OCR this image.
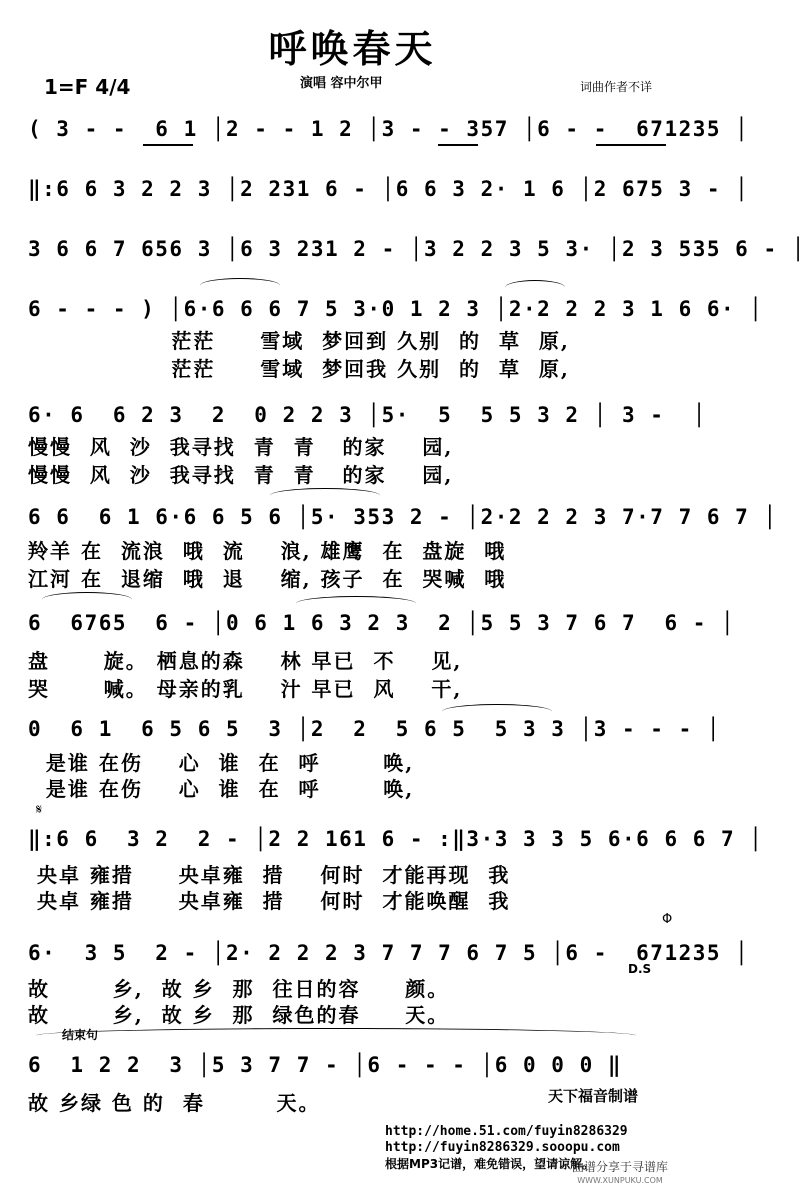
呼唤春天
1=F 4/4	演唱 容中尔甲	词曲作者不详
( 3 - -  6 1 │2 - - 1 2 │3 - - 357 │6 - -  671235 │
‖:6 6 3 2 2 3 │2 231 6 - │6 6 3 2· 1 6 │2 675 3 - │
3 6 6 7 656 3 │6 3 231 2 - │3 2 2 3 5 3· │2 3 535 6 - │
6 - - - ) │6·6 6 6 7 5 3·0 1 2 3 │2·2 2 2 3 1 6 6· │
茫茫     雪域  梦回到 久别  的  草  原,
茫茫     雪域  梦回我 久别  的  草  原,
6· 6  6 2 3  2  0 2 2 3 │5·  5  5 5 3 2 │ 3 -  │
慢慢  风  沙  我寻找  青  青   的家    园,
慢慢  风  沙  我寻找  青  青   的家    园,
6 6  6 1 6·6 6 5 6 │5· 353 2 - │2·2 2 2 3 7·7 7 6 7 │
羚羊 在  流浪  哦  流    浪, 雄鹰  在  盘旋  哦
江河 在  退缩  哦  退    缩, 孩子  在  哭喊  哦
6  6765  6 - │0 6 1 6 3 2 3  2 │5 5 3 7 6 7  6 - │
盘      旋。 栖息的森    林 早已  不    见,
哭      喊。 母亲的乳    汁 早已  风    干,
0  6 1  6 5 6 5  3 │2  2  5 6 5  5 3 3 │3 - - - │
是谁 在伤    心  谁  在  呼       唤,
是谁 在伤    心  谁  在  呼       唤,
𝄋
‖:6 6  3 2  2 - │2 2 161 6 - :‖3·3 3 3 5 6·6 6 6 7 │
央卓 雍措     央卓雍  措    何时  才能再现  我
央卓 雍措     央卓雍  措    何时  才能唤醒  我
Φ
6·  3 5  2 - │2· 2 2 2 3 7 7 7 6 7 5 │6 -  671235 │
D.S
故       乡,  故 乡  那  往日的容     颜。
故       乡,  故 乡  那  绿色的春     天。
结束句
6  1 2 2  3 │5 3 7 7 - │6 - - - │6 0 0 0 ‖
故 乡绿 色 的  春        天。	天下福音制谱
http://home.51.com/fuyin8286329
http://fuyin8286329.sooopu.com
根据MP3记谱，难免错误，望请谅解。
曲谱分享于寻谱库
WWW.XUNPUKU.COM
